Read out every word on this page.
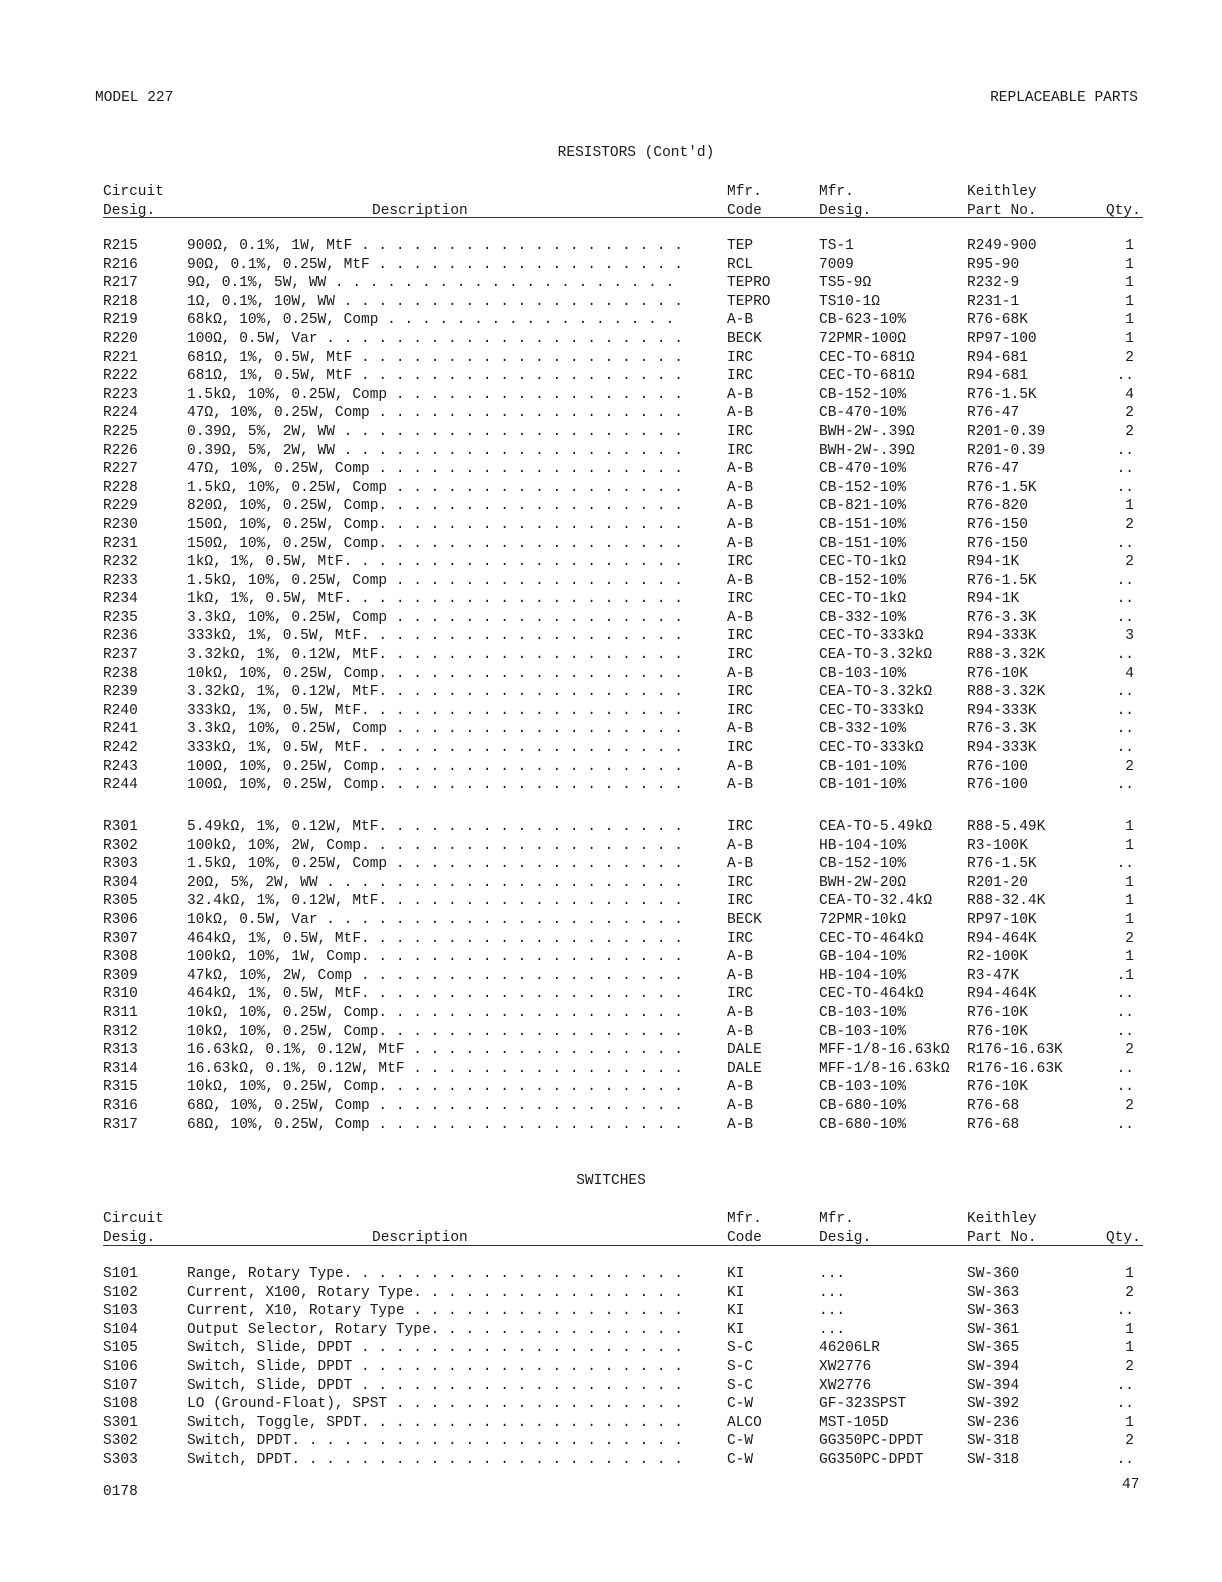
MODEL 227	REPLACEABLE PARTS
RESISTORS (Cont'd)
Circuit
Desig.	Description
Mfr.
Code
Mfr.
Desig.
Keithley
Part No.	Qty.
R215	900Ω, 0.1%, 1W, MtF . . .	TEP	TS-1	R249-900	1
R216	90Ω, 0.1%, 0.25W, MtF . . .	RCL	7009	R95-90	1
R217	9Ω, 0.1%, 5W, WW . . .	TEPRO	TS5-9Ω	R232-9	1
R218	1Ω, 0.1%, 10W, WW . . .	TEPRO	TS10-1Ω	R231-1	1
R219	68kΩ, 10%, 0.25W, Comp . . .	A-B	CB-623-10%	R76-68K	1
R220	100Ω, 0.5W, Var . . .	BECK	72PMR-100Ω	RP97-100	1
R221	681Ω, 1%, 0.5W, MtF . . .	IRC	CEC-TO-681Ω	R94-681	2
R222	681Ω, 1%, 0.5W, MtF . . .	IRC	CEC-TO-681Ω	R94-681	..
R223	1.5kΩ, 10%, 0.25W, Comp . . .	A-B	CB-152-10%	R76-1.5K	4
R224	47Ω, 10%, 0.25W, Comp . . .	A-B	CB-470-10%	R76-47	2
R225	0.39Ω, 5%, 2W, WW . . .	IRC	BWH-2W-.39Ω	R201-0.39	2
R226	0.39Ω, 5%, 2W, WW . . .	IRC	BWH-2W-.39Ω	R201-0.39	..
R227	47Ω, 10%, 0.25W, Comp . . .	A-B	CB-470-10%	R76-47	..
R228	1.5kΩ, 10%, 0.25W, Comp . . .	A-B	CB-152-10%	R76-1.5K	..
R229	820Ω, 10%, 0.25W, Comp. . . .	A-B	CB-821-10%	R76-820	1
R230	150Ω, 10%, 0.25W, Comp. . . .	A-B	CB-151-10%	R76-150	2
R231	150Ω, 10%, 0.25W, Comp. . . .	A-B	CB-151-10%	R76-150	..
R232	1kΩ, 1%, 0.5W, MtF. . . .	IRC	CEC-TO-1kΩ	R94-1K	2
R233	1.5kΩ, 10%, 0.25W, Comp . . .	A-B	CB-152-10%	R76-1.5K	..
R234	1kΩ, 1%, 0.5W, MtF. . . .	IRC	CEC-TO-1kΩ	R94-1K	..
R235	3.3kΩ, 10%, 0.25W, Comp . . .	A-B	CB-332-10%	R76-3.3K	..
R236	333kΩ, 1%, 0.5W, MtF. . . .	IRC	CEC-TO-333kΩ	R94-333K	3
R237	3.32kΩ, 1%, 0.12W, MtF. . . .	IRC	CEA-TO-3.32kΩ R88-3.32K	..
R238	10kΩ, 10%, 0.25W, Comp. . . .	A-B	CB-103-10%	R76-10K	4
R239	3.32kΩ, 1%, 0.12W, MtF. . . .	IRC	CEA-TO-3.32kΩ R88-3.32K	..
R240	333kΩ, 1%, 0.5W, MtF. . . .	IRC	CEC-TO-333kΩ	R94-333K	..
R241	3.3kΩ, 10%, 0.25W, Comp . . .	A-B	CB-332-10%	R76-3.3K	..
R242	333kΩ, 1%, 0.5W, MtF. . . .	IRC	CEC-TO-333kΩ	R94-333K	..
R243	100Ω, 10%, 0.25W, Comp. . . .	A-B	CB-101-10%	R76-100	2
R244	100Ω, 10%, 0.25W, Comp. . . .	A-B	CB-101-10%	R76-100	..
R301	5.49kΩ, 1%, 0.12W, MtF. . . .	IRC	CEA-TO-5.49kΩ R88-5.49K	1
R302	100kΩ, 10%, 2W, Comp. . . .	A-B	HB-104-10%	R3-100K	1
R303	1.5kΩ, 10%, 0.25W, Comp . . .	A-B	CB-152-10%	R76-1.5K	..
R304	20Ω, 5%, 2W, WW . . .	IRC	BWH-2W-20Ω	R201-20	1
R305	32.4kΩ, 1%, 0.12W, MtF. . . .	IRC	CEA-TO-32.4kΩ R88-32.4K	1
R306	10kΩ, 0.5W, Var . . .	BECK	72PMR-10kΩ	RP97-10K	1
R307	464kΩ, 1%, 0.5W, MtF. . . .	IRC	CEC-TO-464kΩ	R94-464K	2
R308	100kΩ, 10%, 1W, Comp. . . .	A-B	GB-104-10%	R2-100K	1
R309	47kΩ, 10%, 2W, Comp . . .	A-B	HB-104-10%	R3-47K	.1
R310	464kΩ, 1%, 0.5W, MtF. . . .	IRC	CEC-TO-464kΩ	R94-464K	..
R311	10kΩ, 10%, 0.25W, Comp. . . .	A-B	CB-103-10%	R76-10K	..
R312	10kΩ, 10%, 0.25W, Comp. . . .	A-B	CB-103-10%	R76-10K	..
R313	16.63kΩ, 0.1%, 0.12W, MtF . . .	DALE	MFF-1/8-16.63kΩ R176-16.63K	2
R314	16.63kΩ, 0.1%, 0.12W, MtF . . .	DALE	MFF-1/8-16.63kΩ R176-16.63K	..
R315	10kΩ, 10%, 0.25W, Comp. . . .	A-B	CB-103-10%	R76-10K	..
R316	68Ω, 10%, 0.25W, Comp . . .	A-B	CB-680-10%	R76-68	2
R317	68Ω, 10%, 0.25W, Comp . . .	A-B	CB-680-10%	R76-68	..
SWITCHES
Circuit
Desig.	Description
Mfr.
Code
Mfr.
Desig.
Keithley
Part No.	Qty.
S101	Range, Rotary Type. . . .	KI	...	SW-360	1
S102	Current, X100, Rotary Type. . . .	KI	...	SW-363	2
S103	Current, X10, Rotary Type . . .	KI	...	SW-363	..
S104	Output Selector, Rotary Type. . . .	KI	...	SW-361	1
S105	Switch, Slide, DPDT . . .	S-C	46206LR	SW-365	1
S106	Switch, Slide, DPDT . . .	S-C	XW2776	SW-394	2
S107	Switch, Slide, DPDT . . .	S-C	XW2776	SW-394	..
S108	LO (Ground-Float), SPST . . .	C-W	GF-323SPST	SW-392	..
S301	Switch, Toggle, SPDT. . . .	ALCO	MST-105D	SW-236	1
S302	Switch, DPDT. . . .	C-W	GG350PC-DPDT	SW-318	2
S303	Switch, DPDT. . . .	C-W	GG350PC-DPDT	SW-318	..
0178	47
